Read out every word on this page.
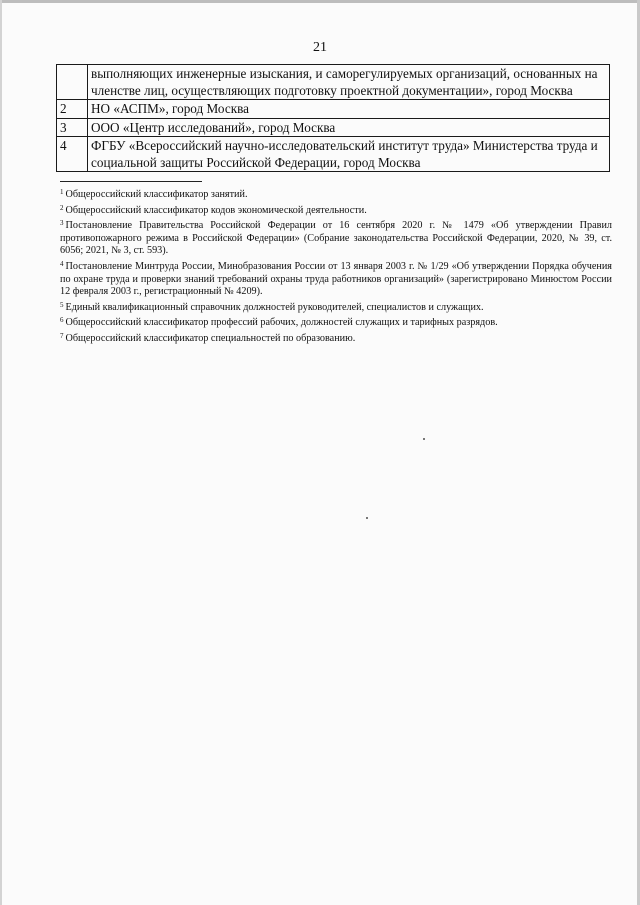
21
	выполняющих инженерные изыскания, и саморегулируемых организаций, основанных на членстве лиц, осуществляющих подготовку проектной документации», город Москва
2	НО «АСПМ», город Москва
3	ООО «Центр исследований», город Москва
4	ФГБУ «Всероссийский научно-исследовательский институт труда» Министерства труда и социальной защиты Российской Федерации, город Москва
$^1$ Общероссийский классификатор занятий.
$^2$ Общероссийский классификатор кодов экономической деятельности.
$^3$ Постановление Правительства Российской Федерации от 16 сентября 2020 г. № 1479 «Об утверждении Правил противопожарного режима в Российской Федерации» (Собрание законодательства Российской Федерации, 2020, № 39, ст. 6056; 2021, № 3, ст. 593).
$^4$ Постановление Минтруда России, Минобразования России от 13 января 2003 г. № 1/29 «Об утверждении Порядка обучения по охране труда и проверки знаний требований охраны труда работников организаций» (зарегистрировано Минюстом России 12 февраля 2003 г., регистрационный № 4209).
$^5$ Единый квалификационный справочник должностей руководителей, специалистов и служащих.
$^6$ Общероссийский классификатор профессий рабочих, должностей служащих и тарифных разрядов.
$^7$ Общероссийский классификатор специальностей по образованию.
